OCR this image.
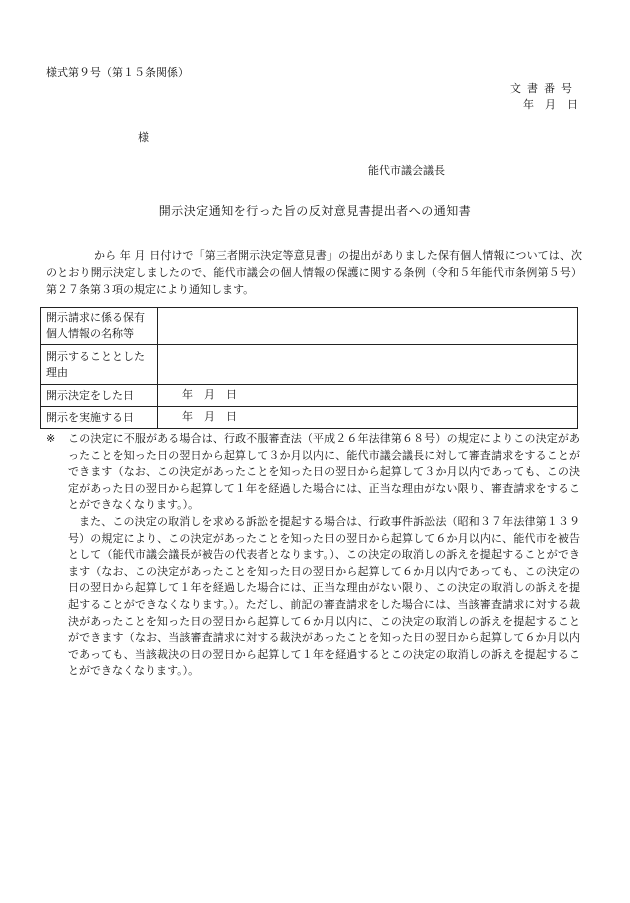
様式第９号（第１５条関係）
文書番号
年　月　日
様
能代市議会議長
開示決定通知を行った旨の反対意見書提出者への通知書
から 年 月 日付けで「第三者開示決定等意見書」の提出がありました保有個人情報については、次のとおり開示決定しましたので、能代市議会の個人情報の保護に関する条例（令和５年能代市条例第５号）第２７条第３項の規定により通知します。
開示請求に係る保有個人情報の名称等	
開示することとした理由	
開示決定をした日	年　月　日
開示を実施する日	年　月　日

※ この決定に不服がある場合は、行政不服審査法（平成２６年法律第６８号）の規定によりこの決定があったことを知った日の翌日から起算して３か月以内に、能代市議会議長に対して審査請求をすることができます（なお、この決定があったことを知った日の翌日から起算して３か月以内であっても、この決定があった日の翌日から起算して１年を経過した場合には、正当な理由がない限り、審査請求をすることができなくなります。）。

また、この決定の取消しを求める訴訟を提起する場合は、行政事件訴訟法（昭和３７年法律第１３９号）の規定により、この決定があったことを知った日の翌日から起算して６か月以内に、能代市を被告として（能代市議会議長が被告の代表者となります。）、この決定の取消しの訴えを提起することができます（なお、この決定があったことを知った日の翌日から起算して６か月以内であっても、この決定の日の翌日から起算して１年を経過した場合には、正当な理由がない限り、この決定の取消しの訴えを提起することができなくなります。）。ただし、前記の審査請求をした場合には、当該審査請求に対する裁決があったことを知った日の翌日から起算して６か月以内に、この決定の取消しの訴えを提起することができます（なお、当該審査請求に対する裁決があったことを知った日の翌日から起算して６か月以内であっても、当該裁決の日の翌日から起算して１年を経過するとこの決定の取消しの訴えを提起することができなくなります。）。
